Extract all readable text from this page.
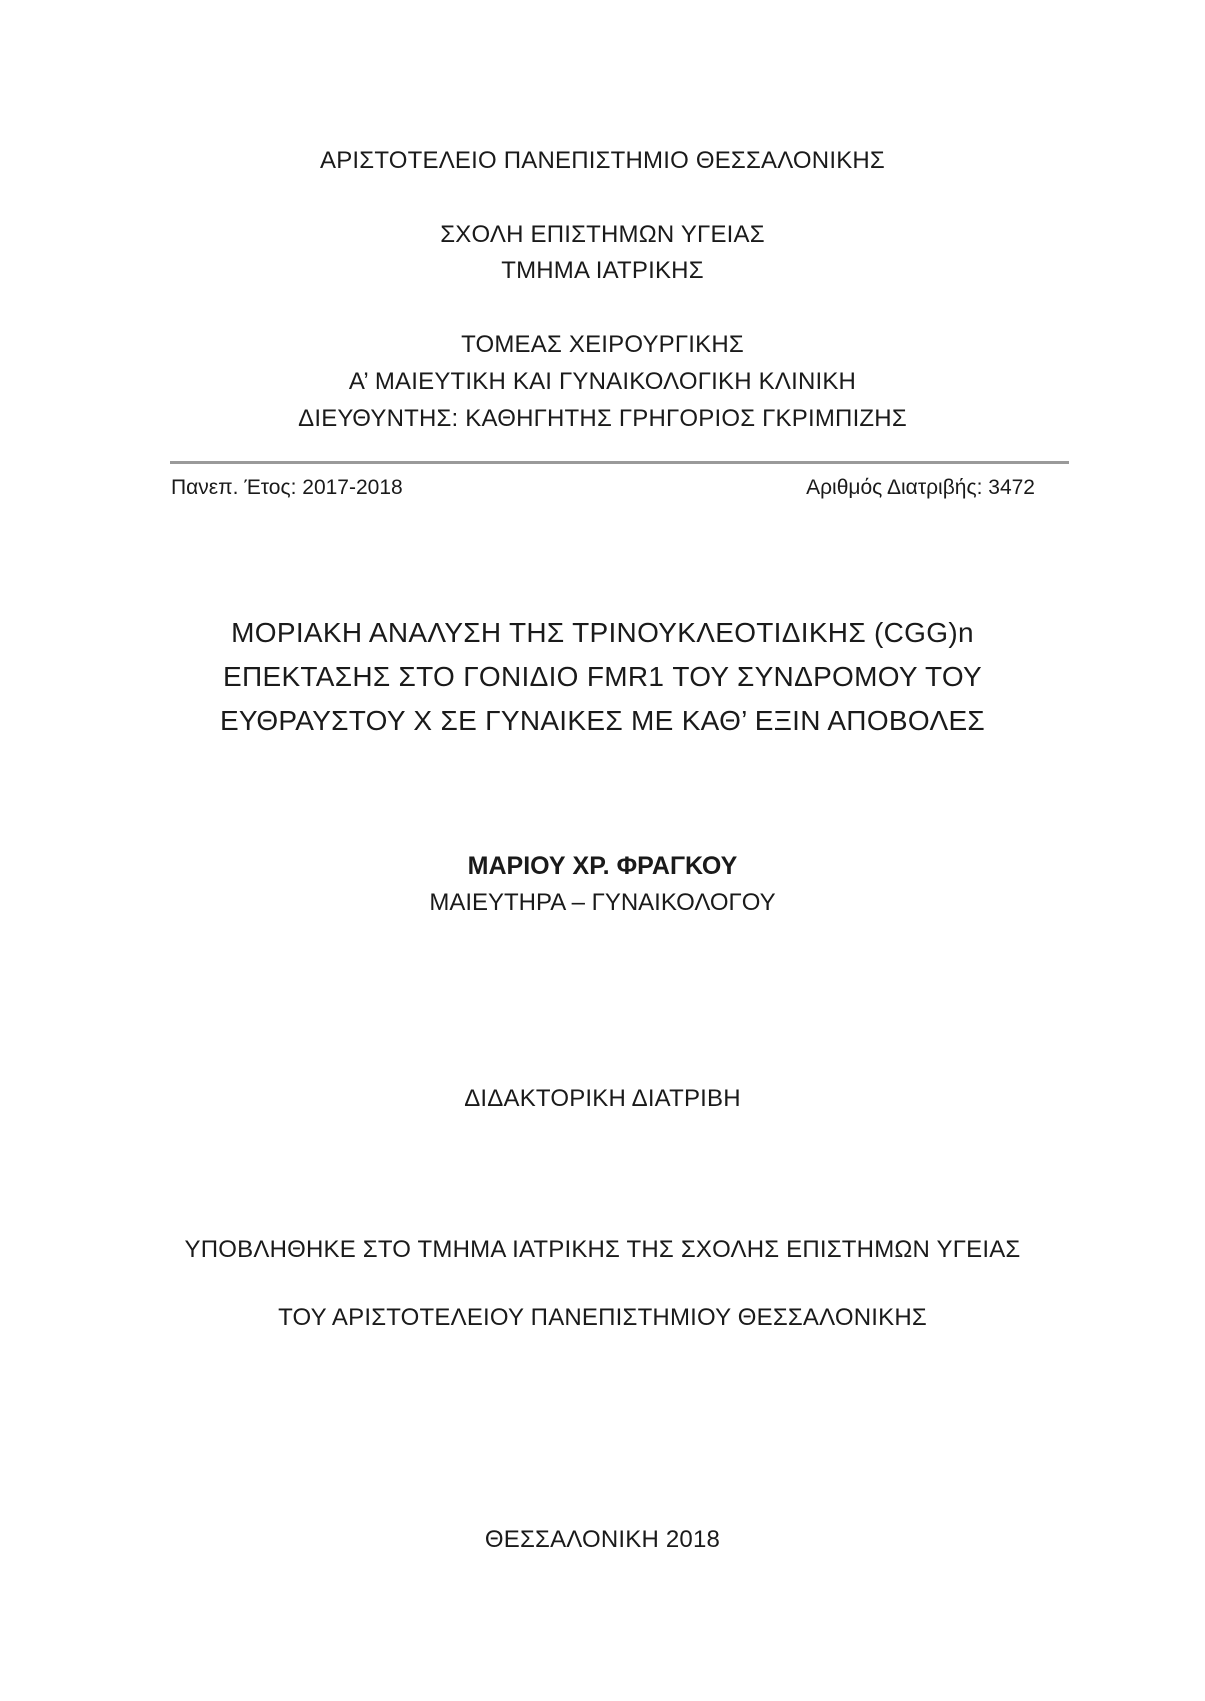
ΑΡΙΣΤΟΤΕΛΕΙΟ ΠΑΝΕΠΙΣΤΗΜΙΟ ΘΕΣΣΑΛΟΝΙΚΗΣ
ΣΧΟΛΗ ΕΠΙΣΤΗΜΩΝ ΥΓΕΙΑΣ
ΤΜΗΜΑ ΙΑΤΡΙΚΗΣ
ΤΟΜΕΑΣ ΧΕΙΡΟΥΡΓΙΚΗΣ
Α’ ΜΑΙΕΥΤΙΚΗ ΚΑΙ ΓΥΝΑΙΚΟΛΟΓΙΚΗ ΚΛΙΝΙΚΗ
ΔΙΕΥΘΥΝΤΗΣ: ΚΑΘΗΓΗΤΗΣ ΓΡΗΓΟΡΙΟΣ ΓΚΡΙΜΠΙΖΗΣ
Πανεπ. Έτος: 2017-2018	Αριθμός Διατριβής: 3472
ΜΟΡΙΑΚΗ ΑΝΑΛΥΣΗ ΤΗΣ ΤΡΙΝΟΥΚΛΕΟΤΙΔΙΚΗΣ (CGG)n
ΕΠΕΚΤΑΣΗΣ ΣΤΟ ΓΟΝΙΔΙΟ FMR1 ΤΟΥ ΣΥΝΔΡΟΜΟΥ ΤΟΥ
ΕΥΘΡΑΥΣΤΟΥ Χ ΣΕ ΓΥΝΑΙΚΕΣ ΜΕ ΚΑΘ’ ΕΞΙΝ ΑΠΟΒΟΛΕΣ
ΜΑΡΙΟΥ ΧΡ. ΦΡΑΓΚΟΥ
ΜΑΙΕΥΤΗΡΑ – ΓΥΝΑΙΚΟΛΟΓΟΥ
ΔΙΔΑΚΤΟΡΙΚΗ ΔΙΑΤΡΙΒΗ
ΥΠΟΒΛΗΘΗΚΕ ΣΤΟ ΤΜΗΜΑ ΙΑΤΡΙΚΗΣ ΤΗΣ ΣΧΟΛΗΣ ΕΠΙΣΤΗΜΩΝ ΥΓΕΙΑΣ
ΤΟΥ ΑΡΙΣΤΟΤΕΛΕΙΟΥ ΠΑΝΕΠΙΣΤΗΜΙΟΥ ΘΕΣΣΑΛΟΝΙΚΗΣ
ΘΕΣΣΑΛΟΝΙΚΗ 2018
